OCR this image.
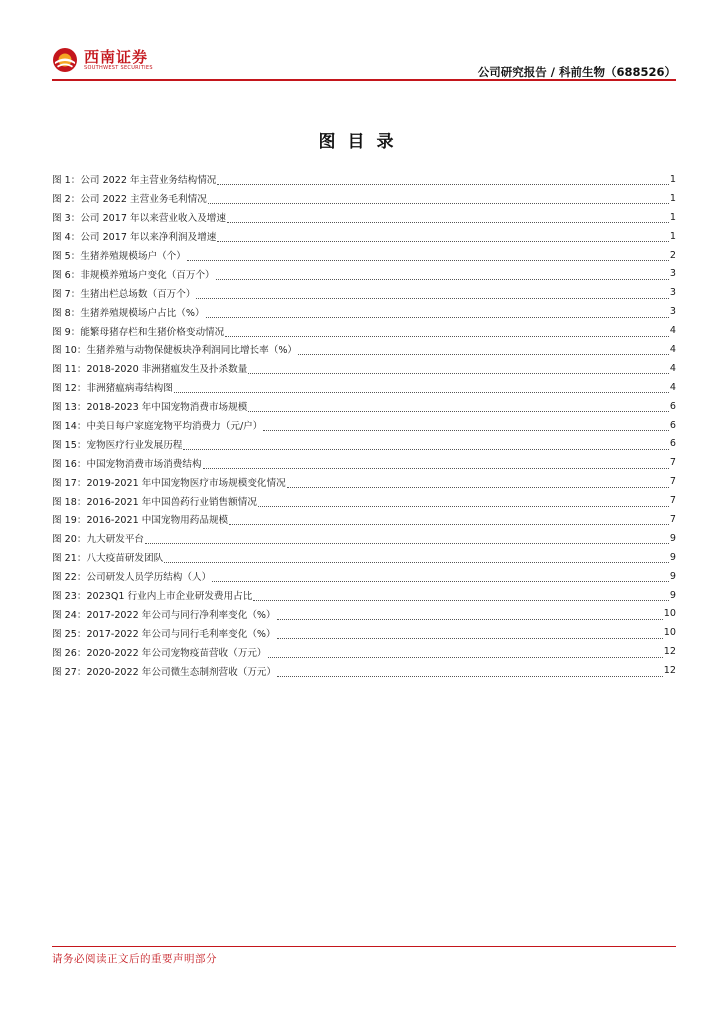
西南证券
SOUTHWEST SECURITIES	公司研究报告 / 科前生物（688526）
图目录
图 1：公司 2022 年主营业务结构情况	1
图 2：公司 2022 主营业务毛利情况	1
图 3：公司 2017 年以来营业收入及增速	1
图 4：公司 2017 年以来净利润及增速	1
图 5：生猪养殖规模场户（个）	2
图 6：非规模养殖场户变化（百万个）	3
图 7：生猪出栏总场数（百万个）	3
图 8：生猪养殖规模场户占比（%）	3
图 9：能繁母猪存栏和生猪价格变动情况	4
图 10：生猪养殖与动物保健板块净利润同比增长率（%）	4
图 11：2018-2020 非洲猪瘟发生及扑杀数量	4
图 12：非洲猪瘟病毒结构图	4
图 13：2018-2023 年中国宠物消费市场规模	6
图 14：中美日每户家庭宠物平均消费力（元/户）	6
图 15：宠物医疗行业发展历程	6
图 16：中国宠物消费市场消费结构	7
图 17：2019-2021 年中国宠物医疗市场规模变化情况	7
图 18：2016-2021 年中国兽药行业销售额情况	7
图 19：2016-2021 中国宠物用药品规模	7
图 20：九大研发平台	9
图 21：八大疫苗研发团队	9
图 22：公司研发人员学历结构（人）	9
图 23：2023Q1 行业内上市企业研发费用占比	9
图 24：2017-2022 年公司与同行净利率变化（%）	10
图 25：2017-2022 年公司与同行毛利率变化（%）	10
图 26：2020-2022 年公司宠物疫苗营收（万元）	12
图 27：2020-2022 年公司微生态制剂营收（万元）	12
请务必阅读正文后的重要声明部分
